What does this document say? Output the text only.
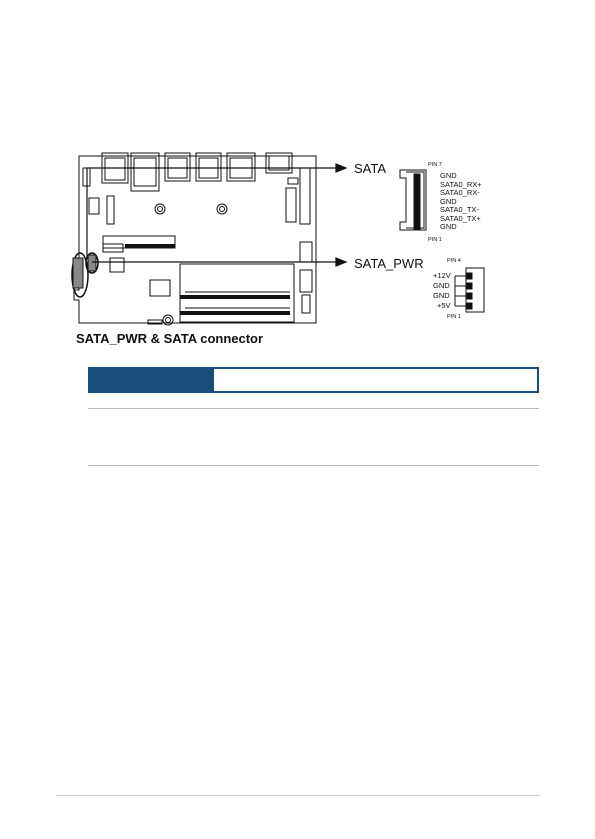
SATA
SATA_PWR
PIN 7
GND
SATA0_RX+
SATA0_RX-
GND
SATA0_TX-
SATA0_TX+
GND
PIN 1
PIN 4
+12V
GND
GND
+5V
PIN 1
SATA_PWR & SATA connector
